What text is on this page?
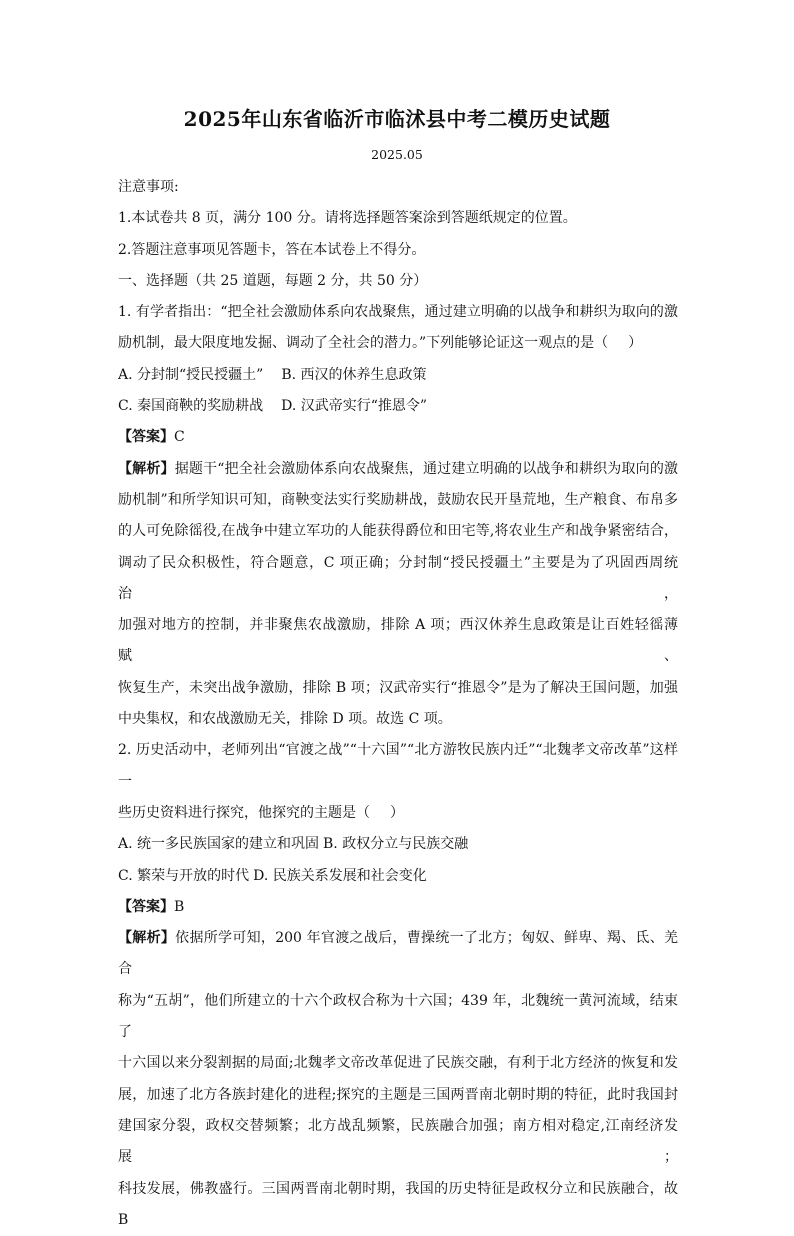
2025年山东省临沂市临沭县中考二模历史试题
2025.05

注意事项:

1.本试卷共 8 页，满分 100 分。请将选择题答案涂到答题纸规定的位置。

2.答题注意事项见答题卡，答在本试卷上不得分。

一、选择题（共 25 道题，每题 2 分，共 50 分）

1. 有学者指出：“把全社会激励体系向农战聚焦，通过建立明确的以战争和耕织为取向的激

励机制，最大限度地发掘、调动了全社会的潜力。”下列能够论证这一观点的是（ ）

A. 分封制“授民授疆土” B. 西汉的休养生息政策

C. 秦国商鞅的奖励耕战 D. 汉武帝实行“推恩令”

【答案】C

【解析】据题干“把全社会激励体系向农战聚焦，通过建立明确的以战争和耕织为取向的激

励机制”和所学知识可知，商鞅变法实行奖励耕战，鼓励农民开垦荒地，生产粮食、布帛多

的人可免除徭役,在战争中建立军功的人能获得爵位和田宅等,将农业生产和战争紧密结合，

调动了民众积极性，符合题意，C 项正确；分封制“授民授疆土”主要是为了巩固西周统治，

加强对地方的控制，并非聚焦农战激励，排除 A 项；西汉休养生息政策是让百姓轻徭薄赋、

恢复生产，未突出战争激励，排除 B 项；汉武帝实行“推恩令”是为了解决王国问题，加强

中央集权，和农战激励无关，排除 D 项。故选 C 项。

2. 历史活动中，老师列出“官渡之战”“十六国”“北方游牧民族内迁”“北魏孝文帝改革”这样一

些历史资料进行探究，他探究的主题是（ ）

A. 统一多民族国家的建立和巩固 B. 政权分立与民族交融

C. 繁荣与开放的时代 D. 民族关系发展和社会变化

【答案】B

【解析】依据所学可知，200 年官渡之战后，曹操统一了北方；匈奴、鲜卑、羯、氐、羌合

称为“五胡”，他们所建立的十六个政权合称为十六国；439 年，北魏统一黄河流域，结束了

十六国以来分裂割据的局面;北魏孝文帝改革促进了民族交融，有利于北方经济的恢复和发

展，加速了北方各族封建化的进程;探究的主题是三国两晋南北朝时期的特征，此时我国封

建国家分裂，政权交替频繁；北方战乱频繁，民族融合加强；南方相对稳定,江南经济发展；

科技发展，佛教盛行。三国两晋南北朝时期，我国的历史特征是政权分立和民族融合，故 B
